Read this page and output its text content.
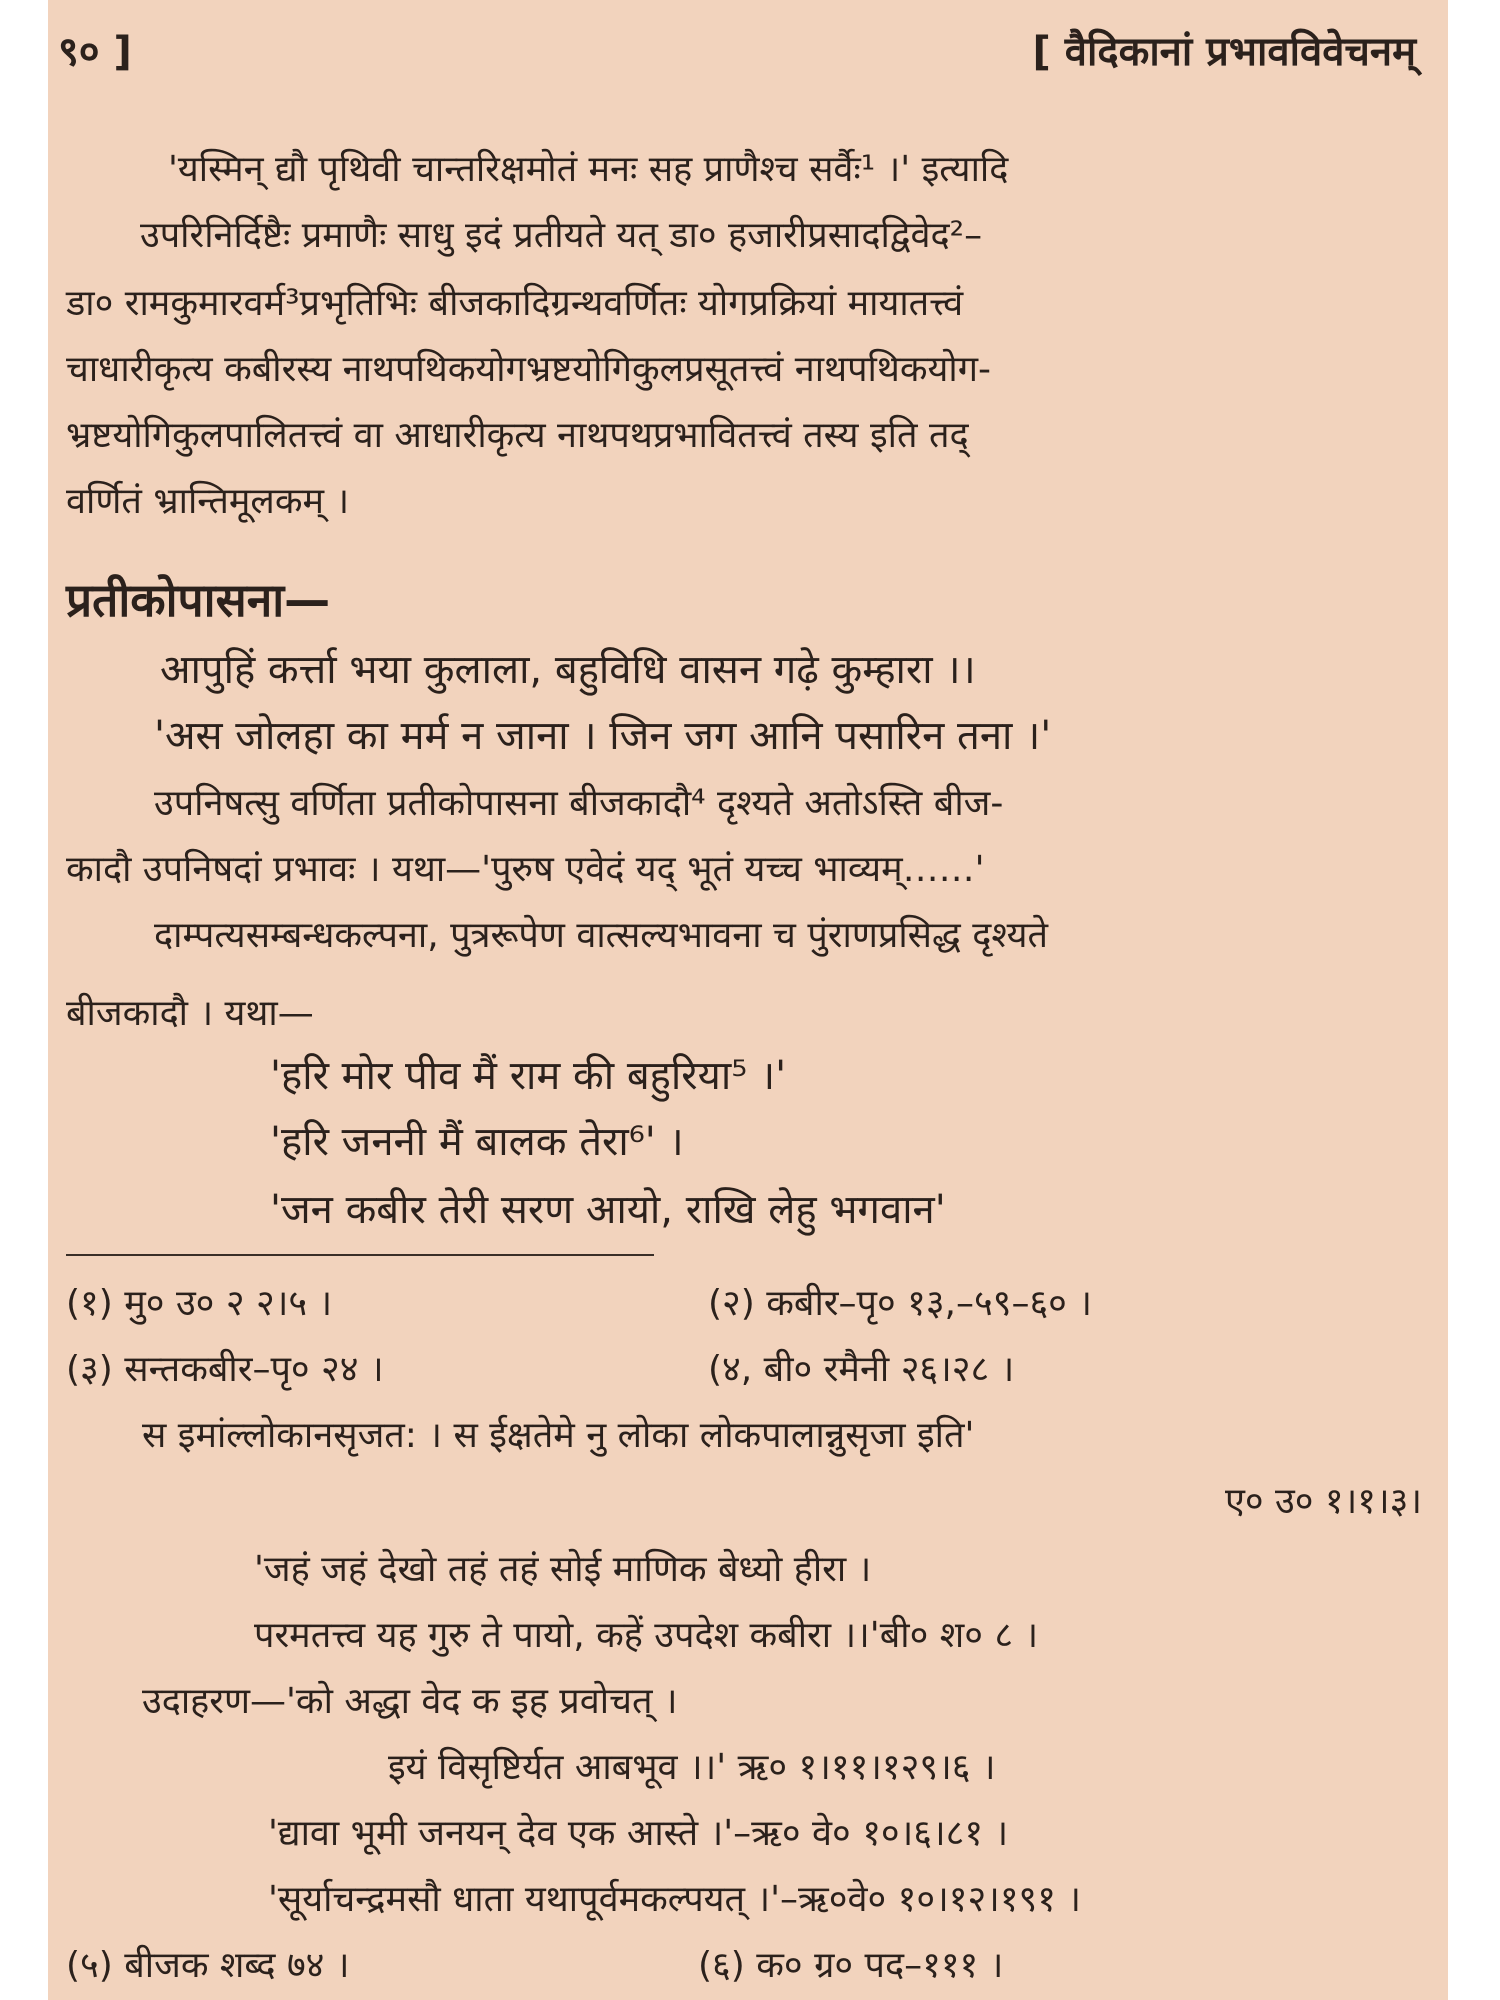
९० ]	[ वैदिकानां प्रभावविवेचनम्
'यस्मिन् द्यौ पृथिवी चान्तरिक्षमोतं मनः सह प्राणैश्च सर्वैः¹ ।' इत्यादि
उपरिनिर्दिष्टैः प्रमाणैः साधु इदं प्रतीयते यत् डा० हजारीप्रसादद्विवेद²–
डा० रामकुमारवर्म³प्रभृतिभिः बीजकादिग्रन्थवर्णितः योगप्रक्रियां मायातत्त्वं
चाधारीकृत्य कबीरस्य नाथपथिकयोगभ्रष्टयोगिकुलप्रसूतत्त्वं नाथपथिकयोग-
भ्रष्टयोगिकुलपालितत्त्वं वा आधारीकृत्य नाथपथप्रभावितत्त्वं तस्य इति तद्
वर्णितं भ्रान्तिमूलकम् ।
प्रतीकोपासना—
आपुहिं कर्त्ता भया कुलाला, बहुविधि वासन गढ़े कुम्हारा ।।
'अस जोलहा का मर्म न जाना । जिन जग आनि पसारिन तना ।'
उपनिषत्सु वर्णिता प्रतीकोपासना बीजकादौ⁴ दृश्यते अतोऽस्ति बीज-
कादौ उपनिषदां प्रभावः । यथा—'पुरुष एवेदं यद् भूतं यच्च भाव्यम्……'
दाम्पत्यसम्बन्धकल्पना, पुत्ररूपेण वात्सल्यभावना च पुंराणप्रसिद्ध दृश्यते
बीजकादौ । यथा—
'हरि मोर पीव मैं राम की बहुरिया⁵ ।'
'हरि जननी मैं बालक तेरा⁶' ।
'जन कबीर तेरी सरण आयो, राखि लेहु भगवान'
(१) मु० उ० २ २।५ ।	(२) कबीर–पृ० १३,–५९–६० ।
(३) सन्तकबीर–पृ० २४ ।	(४, बी० रमैनी २६।२८ ।
स इमांल्लोकानसृजत: । स ईक्षतेमे नु लोका लोकपालान्नुसृजा इति'
ए० उ० १।१।३।
'जहं जहं देखो तहं तहं सोई माणिक बेध्यो हीरा ।
परमतत्त्व यह गुरु ते पायो, कहें उपदेश कबीरा ।।'बी० श० ८ ।
उदाहरण—'को अद्धा वेद क इह प्रवोचत् ।
इयं विसृष्टिर्यत आबभूव ।।' ऋ० १।११।१२९।६ ।
'द्यावा भूमी जनयन् देव एक आस्ते ।'–ऋ० वे० १०।६।८१ ।
'सूर्याचन्द्रमसौ धाता यथापूर्वमकल्पयत् ।'–ऋ०वे० १०।१२।१९१ ।
(५) बीजक शब्द ७४ ।	(६) क० ग्र० पद–१११ ।
